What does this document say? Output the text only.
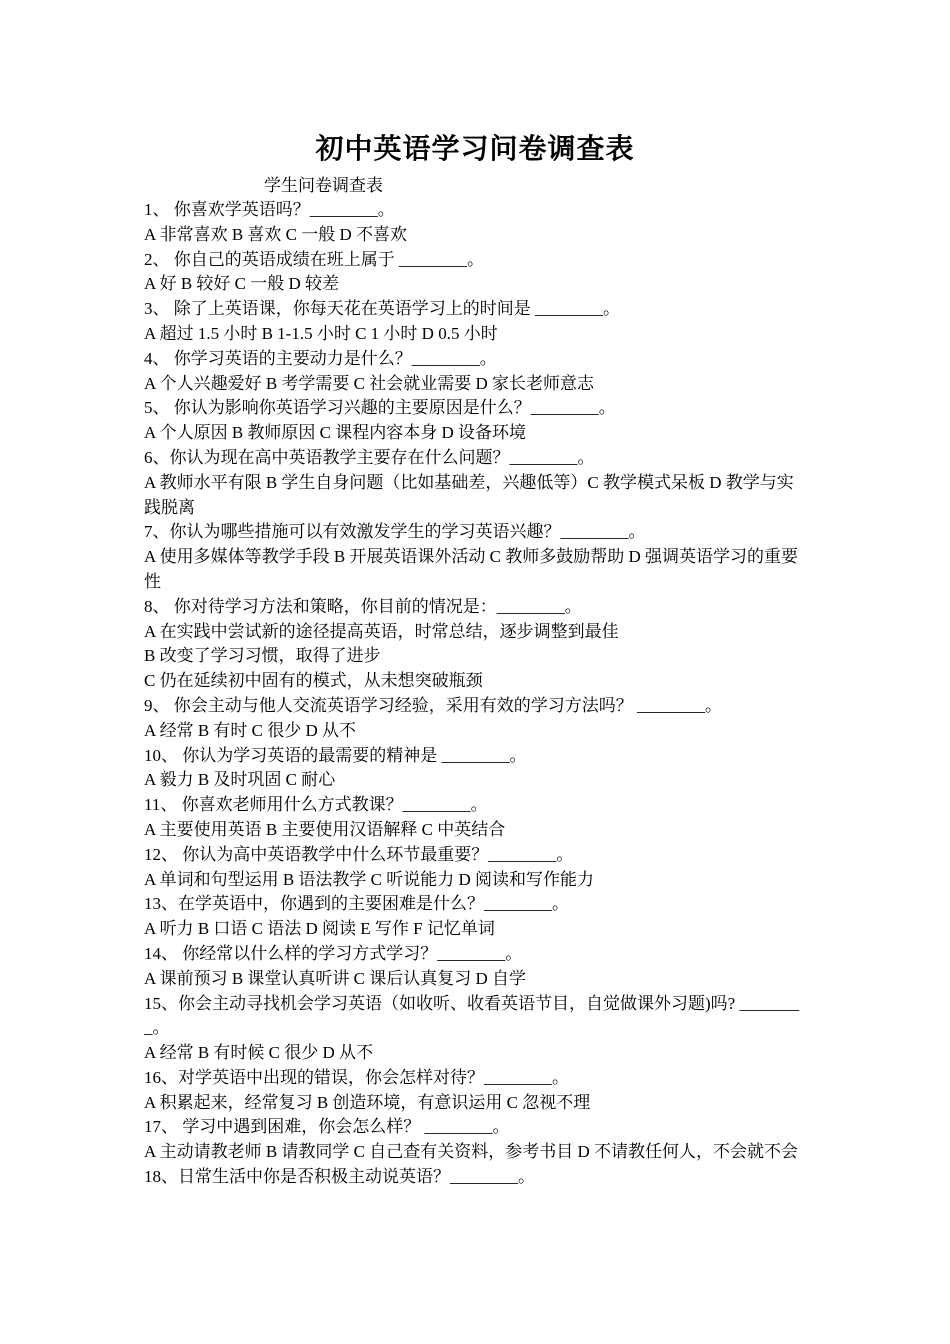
初中英语学习问卷调查表
学生问卷调查表
1、 你喜欢学英语吗？________。
A 非常喜欢 B 喜欢 C 一般 D 不喜欢
2、 你自己的英语成绩在班上属于 ________。
A 好 B 较好 C 一般 D 较差
3、 除了上英语课，你每天花在英语学习上的时间是 ________。
A 超过 1.5 小时 B 1-1.5 小时 C 1 小时 D 0.5 小时
4、 你学习英语的主要动力是什么？________。
A 个人兴趣爱好 B 考学需要 C 社会就业需要 D 家长老师意志
5、 你认为影响你英语学习兴趣的主要原因是什么？________。
A 个人原因 B 教师原因 C 课程内容本身 D 设备环境
6、你认为现在高中英语教学主要存在什么问题？________。
A 教师水平有限 B 学生自身问题（比如基础差，兴趣低等）C 教学模式呆板 D 教学与实践脱离
7、你认为哪些措施可以有效激发学生的学习英语兴趣？________。
A 使用多媒体等教学手段 B 开展英语课外活动 C 教师多鼓励帮助 D 强调英语学习的重要性
8、 你对待学习方法和策略，你目前的情况是：________。
A 在实践中尝试新的途径提高英语，时常总结，逐步调整到最佳
B 改变了学习习惯，取得了进步
C 仍在延续初中固有的模式，从未想突破瓶颈
9、 你会主动与他人交流英语学习经验，采用有效的学习方法吗？ ________。
A 经常 B 有时 C 很少 D 从不
10、 你认为学习英语的最需要的精神是 ________。
A 毅力 B 及时巩固 C 耐心
11、 你喜欢老师用什么方式教课？________。
A 主要使用英语 B 主要使用汉语解释 C 中英结合
12、 你认为高中英语教学中什么环节最重要？________。
A 单词和句型运用 B 语法教学 C 听说能力 D 阅读和写作能力
13、在学英语中，你遇到的主要困难是什么？________。
A 听力 B 口语 C 语法 D 阅读 E 写作 F 记忆单词
14、 你经常以什么样的学习方式学习？________。
A 课前预习 B 课堂认真听讲 C 课后认真复习 D 自学
15、你会主动寻找机会学习英语（如收听、收看英语节目，自觉做课外习题)吗? ________。
A 经常 B 有时候 C 很少 D 从不
16、对学英语中出现的错误，你会怎样对待？________。
A 积累起来，经常复习 B 创造环境，有意识运用 C 忽视不理
17、 学习中遇到困难，你会怎么样？ ________。
A 主动请教老师 B 请教同学 C 自己查有关资料，参考书目 D 不请教任何人，不会就不会
18、日常生活中你是否积极主动说英语？________。
